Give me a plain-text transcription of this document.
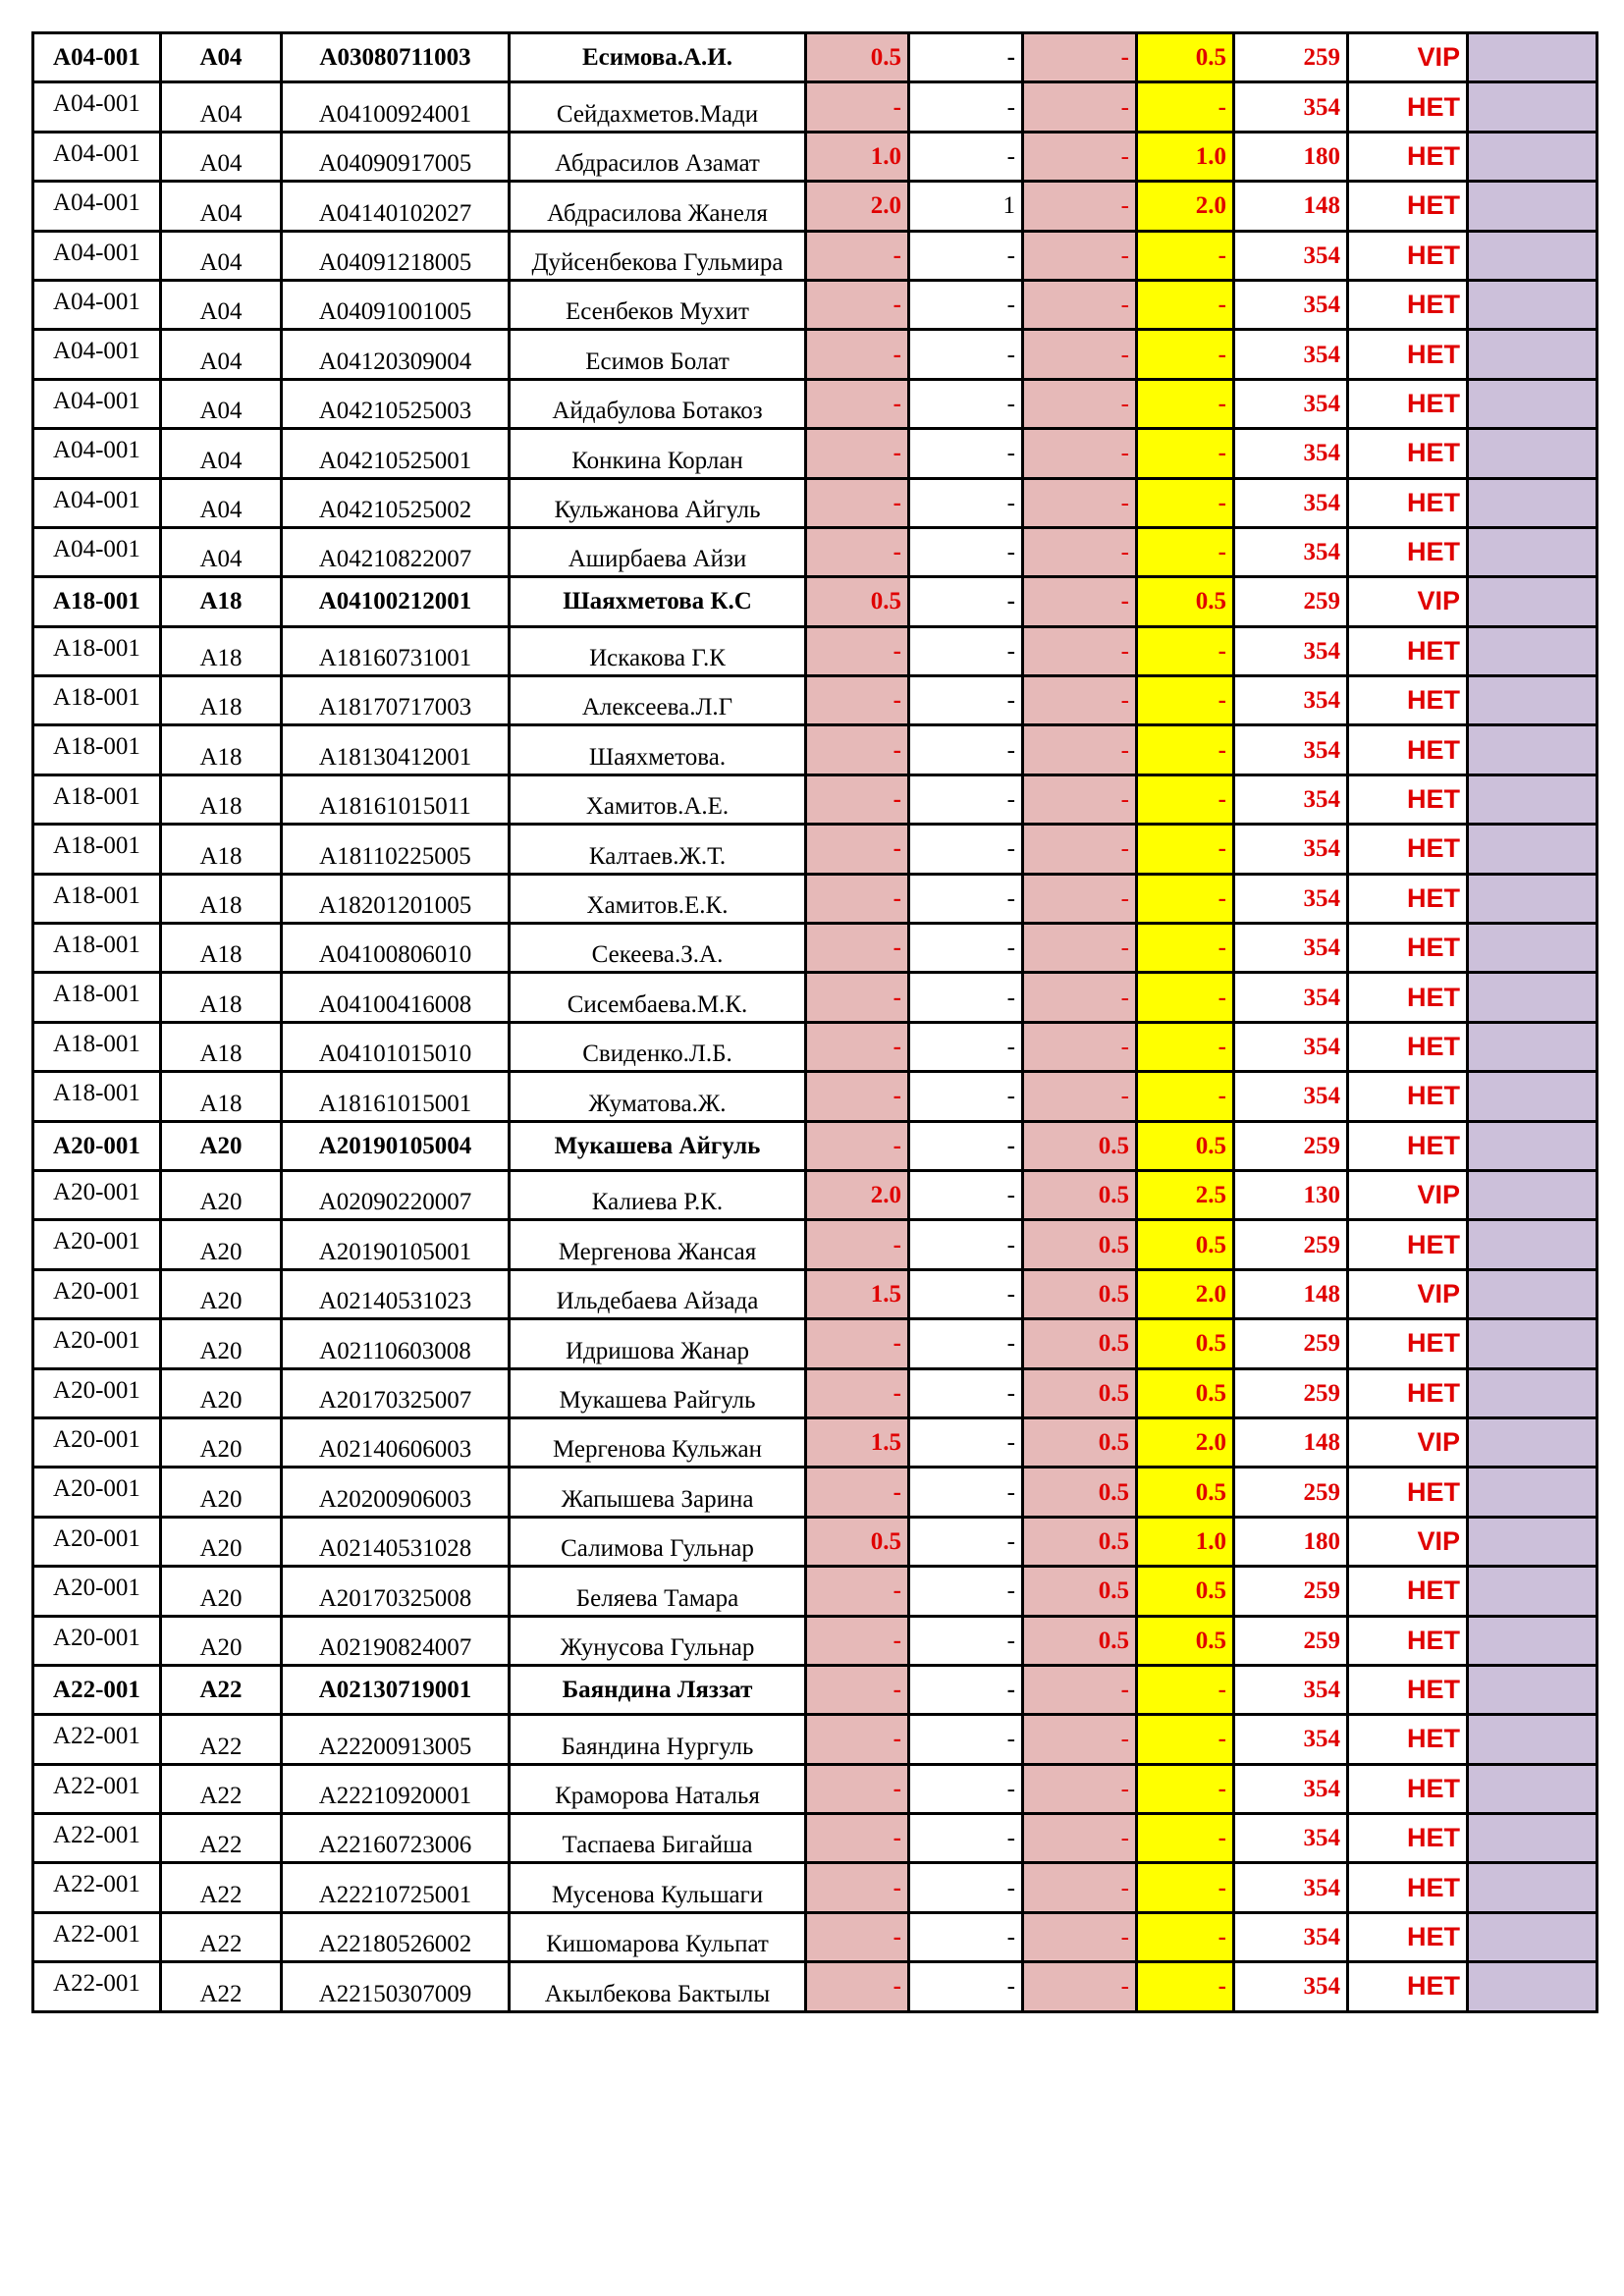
A04-001	A04	A03080711003	Есимова.А.И.	0.5	-	-	0.5	259	VIP	
A04-001	A04	A04100924001	Сейдахметов.Мади	-	-	-	-	354	НЕТ	
A04-001	A04	A04090917005	Абдрасилов Азамат	1.0	-	-	1.0	180	НЕТ	
A04-001	A04	A04140102027	Абдрасилова Жанеля	2.0	1	-	2.0	148	НЕТ	
A04-001	A04	A04091218005	Дуйсенбекова Гульмира	-	-	-	-	354	НЕТ	
A04-001	A04	A04091001005	Есенбеков Мухит	-	-	-	-	354	НЕТ	
A04-001	A04	A04120309004	Есимов Болат	-	-	-	-	354	НЕТ	
A04-001	A04	A04210525003	Айдабулова Ботакоз	-	-	-	-	354	НЕТ	
A04-001	A04	A04210525001	Конкина Корлан	-	-	-	-	354	НЕТ	
A04-001	A04	A04210525002	Кульжанова Айгуль	-	-	-	-	354	НЕТ	
A04-001	A04	A04210822007	Аширбаева Айзи	-	-	-	-	354	НЕТ	
A18-001	A18	A04100212001	Шаяхметова К.С	0.5	-	-	0.5	259	VIP	
A18-001	A18	A18160731001	Искакова Г.К	-	-	-	-	354	НЕТ	
A18-001	A18	A18170717003	Алексеева.Л.Г	-	-	-	-	354	НЕТ	
A18-001	A18	A18130412001	Шаяхметова.	-	-	-	-	354	НЕТ	
A18-001	A18	A18161015011	Хамитов.А.Е.	-	-	-	-	354	НЕТ	
A18-001	A18	A18110225005	Калтаев.Ж.Т.	-	-	-	-	354	НЕТ	
A18-001	A18	A18201201005	Хамитов.Е.К.	-	-	-	-	354	НЕТ	
A18-001	A18	A04100806010	Секеева.З.А.	-	-	-	-	354	НЕТ	
A18-001	A18	A04100416008	Сисембаева.М.К.	-	-	-	-	354	НЕТ	
A18-001	A18	A04101015010	Свиденко.Л.Б.	-	-	-	-	354	НЕТ	
A18-001	A18	A18161015001	Жуматова.Ж.	-	-	-	-	354	НЕТ	
A20-001	A20	A20190105004	Мукашева Айгуль	-	-	0.5	0.5	259	НЕТ	
A20-001	A20	A02090220007	Калиева Р.К.	2.0	-	0.5	2.5	130	VIP	
A20-001	A20	A20190105001	Мергенова Жансая	-	-	0.5	0.5	259	НЕТ	
A20-001	A20	A02140531023	Ильдебаева Айзада	1.5	-	0.5	2.0	148	VIP	
A20-001	A20	A02110603008	Идришова Жанар	-	-	0.5	0.5	259	НЕТ	
A20-001	A20	A20170325007	Мукашева Райгуль	-	-	0.5	0.5	259	НЕТ	
A20-001	A20	A02140606003	Мергенова Кульжан	1.5	-	0.5	2.0	148	VIP	
A20-001	A20	A20200906003	Жапышева Зарина	-	-	0.5	0.5	259	НЕТ	
A20-001	A20	A02140531028	Салимова Гульнар	0.5	-	0.5	1.0	180	VIP	
A20-001	A20	A20170325008	Беляева Тамара	-	-	0.5	0.5	259	НЕТ	
A20-001	A20	A02190824007	Жунусова Гульнар	-	-	0.5	0.5	259	НЕТ	
A22-001	A22	A02130719001	Баяндина Ляззат	-	-	-	-	354	НЕТ	
A22-001	A22	A22200913005	Баяндина Нургуль	-	-	-	-	354	НЕТ	
A22-001	A22	A22210920001	Краморова Наталья	-	-	-	-	354	НЕТ	
A22-001	A22	A22160723006	Таспаева Бигайша	-	-	-	-	354	НЕТ	
A22-001	A22	A22210725001	Мусенова Кульшаги	-	-	-	-	354	НЕТ	
A22-001	A22	A22180526002	Кишомарова Кульпат	-	-	-	-	354	НЕТ	
A22-001	A22	A22150307009	Акылбекова Бактылы	-	-	-	-	354	НЕТ	
